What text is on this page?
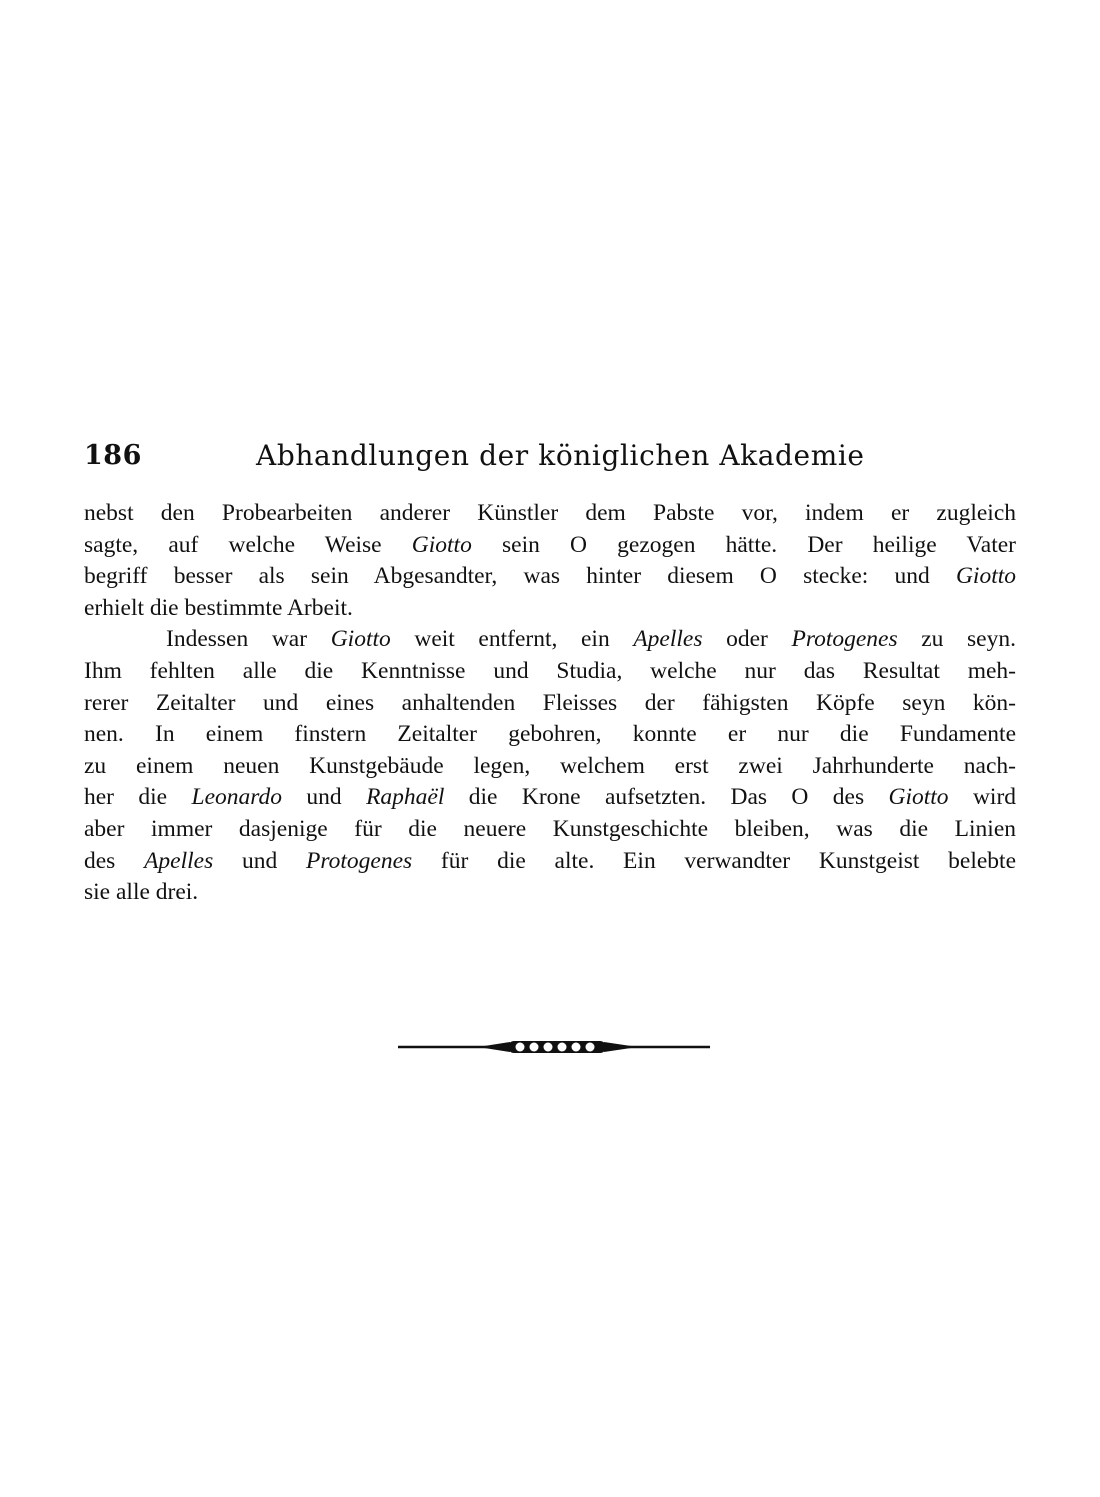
186	Abhandlungen der königlichen Akademie
nebst den Probearbeiten anderer Künstler dem Pabste vor, indem er zugleich
sagte, auf welche Weise Giotto sein O gezogen hätte. Der heilige Vater
begriff besser als sein Abgesandter, was hinter diesem O stecke: und Giotto
erhielt die bestimmte Arbeit.
Indessen war Giotto weit entfernt, ein Apelles oder Protogenes zu seyn.
Ihm fehlten alle die Kenntnisse und Studia, welche nur das Resultat meh-
rerer Zeitalter und eines anhaltenden Fleisses der fähigsten Köpfe seyn kön-
nen. In einem finstern Zeitalter gebohren, konnte er nur die Fundamente
zu einem neuen Kunstgebäude legen, welchem erst zwei Jahrhunderte nach-
her die Leonardo und Raphaël die Krone aufsetzten. Das O des Giotto wird
aber immer dasjenige für die neuere Kunstgeschichte bleiben, was die Linien
des Apelles und Protogenes für die alte. Ein verwandter Kunstgeist belebte
sie alle drei.
